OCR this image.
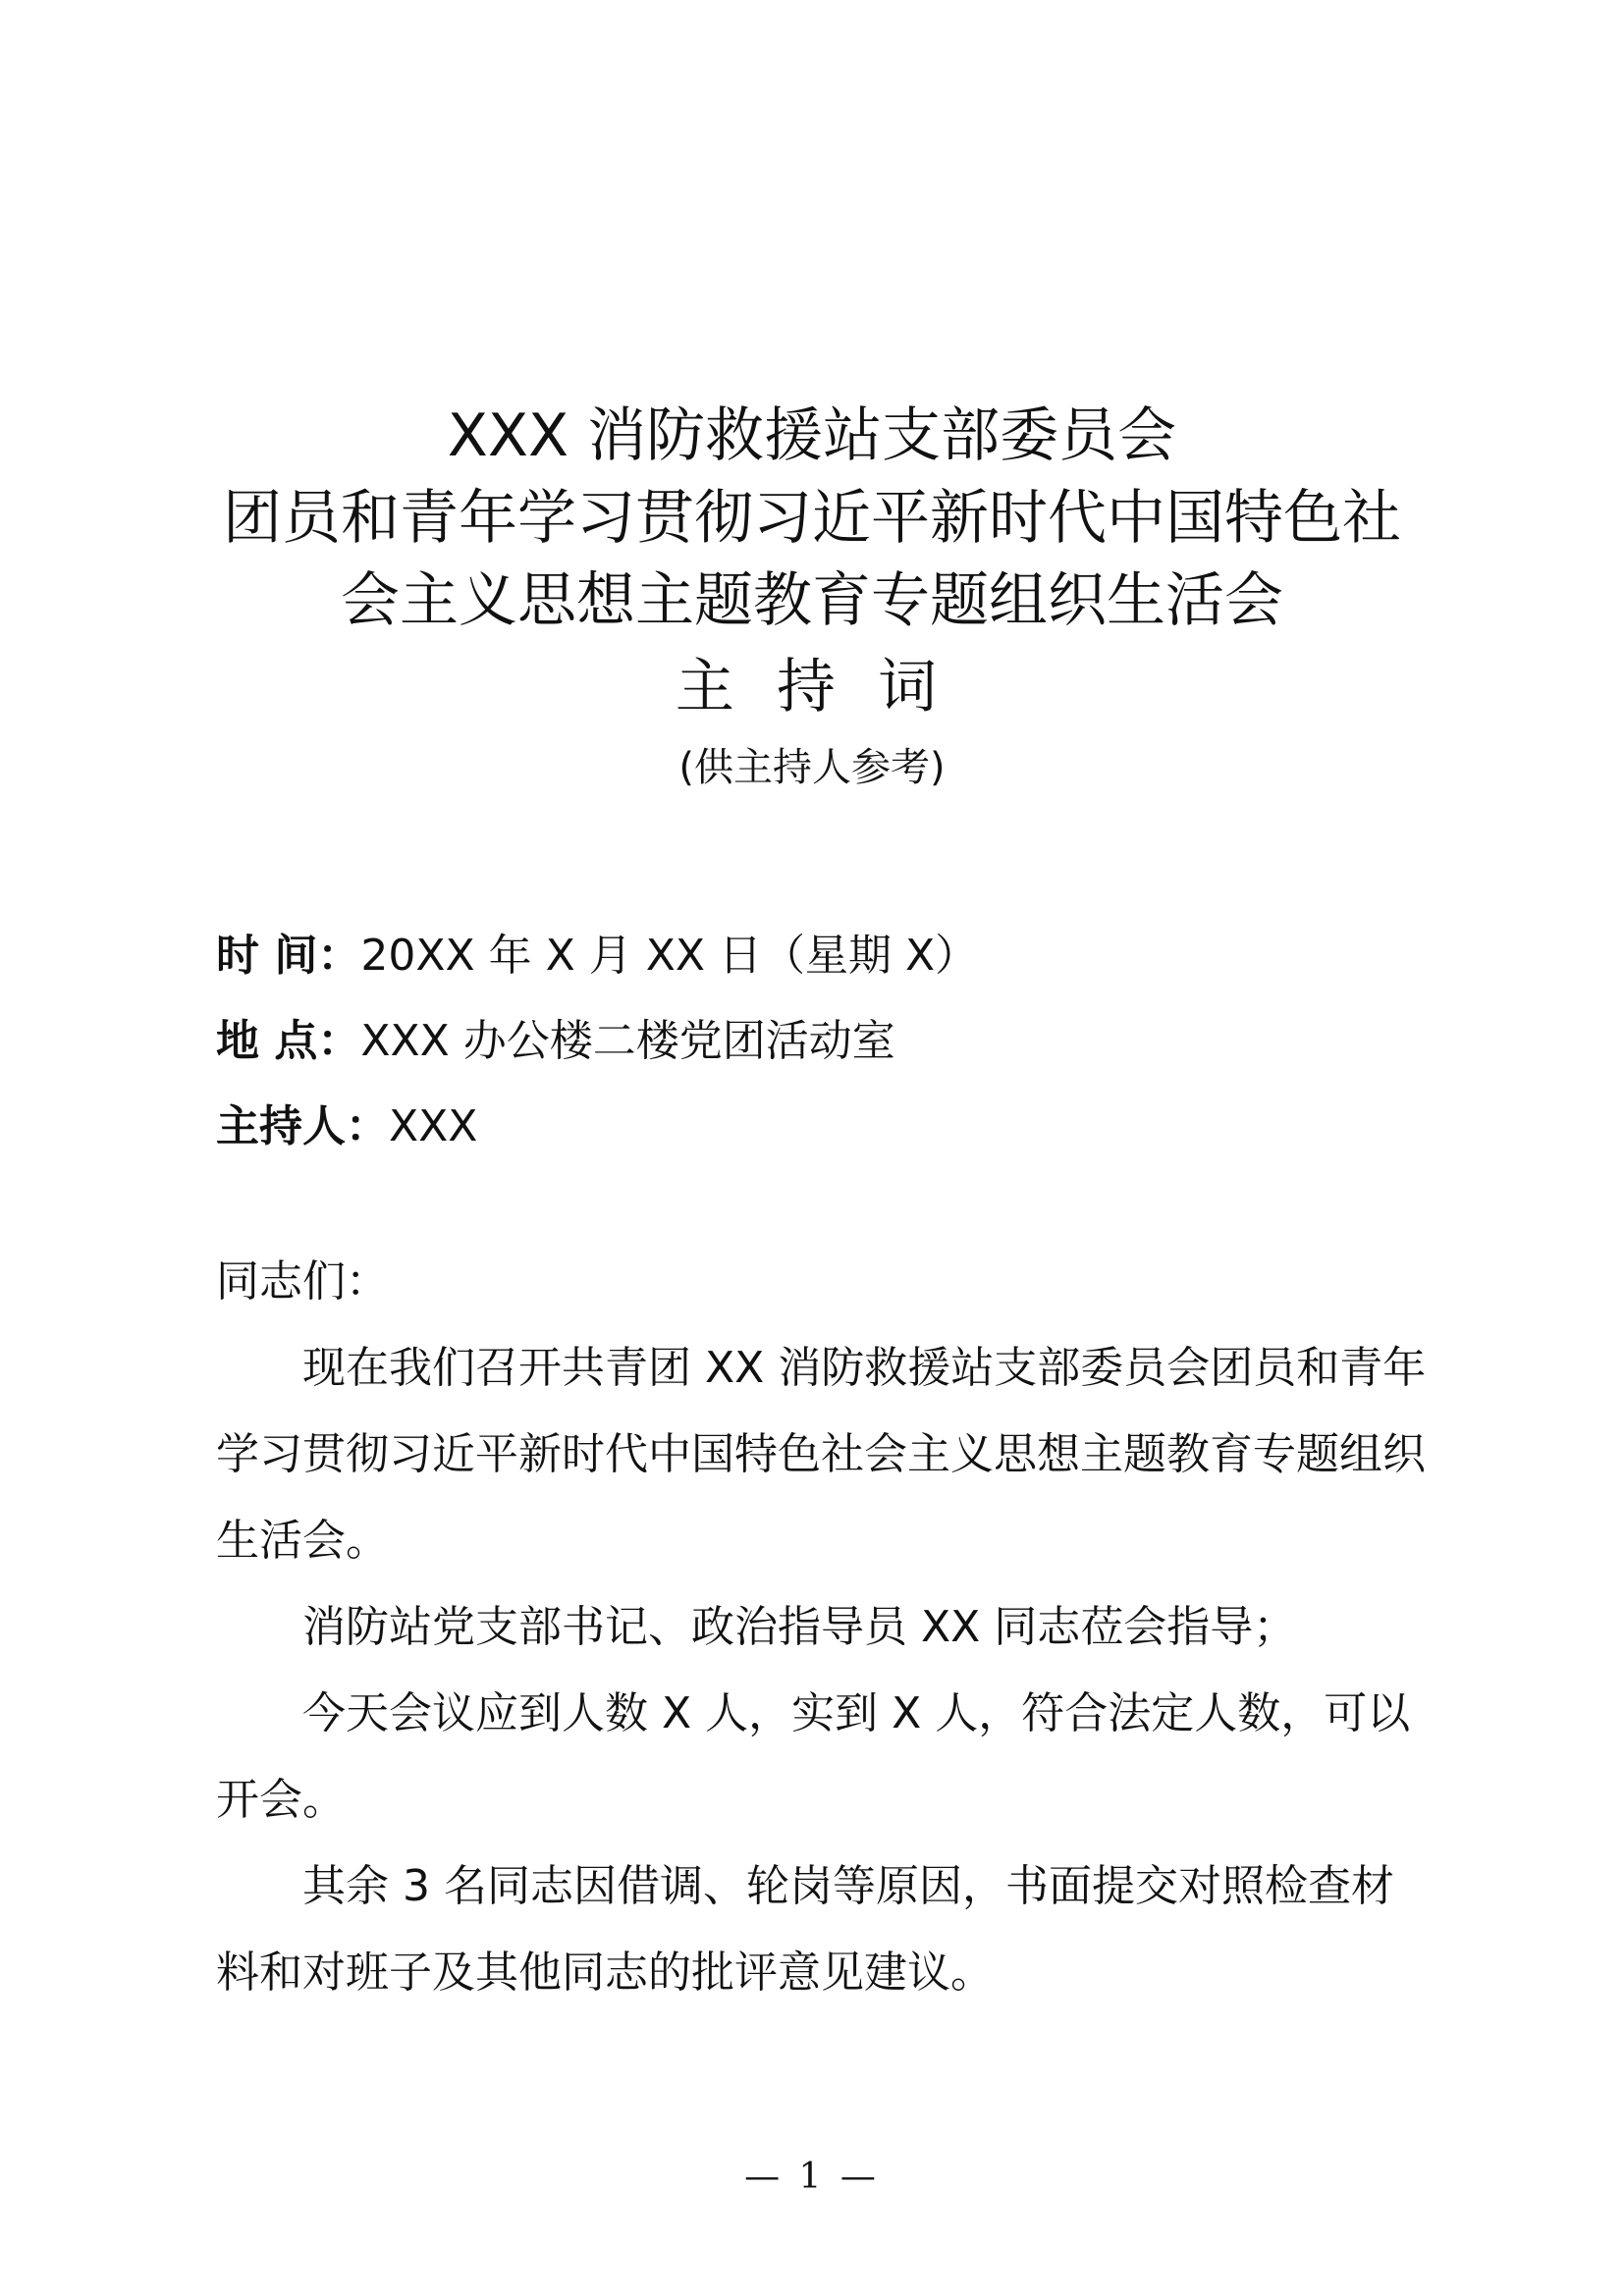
XXX 消防救援站支部委员会
团员和青年学习贯彻习近平新时代中国特色社
会主义思想主题教育专题组织生活会
主 持 词
(供主持人参考)
时 间：20XX 年 X 月 XX 日（星期 X）
地 点：XXX 办公楼二楼党团活动室
主持人：XXX

同志们：

现在我们召开共青团 XX 消防救援站支部委员会团员和青年学习贯彻习近平新时代中国特色社会主义思想主题教育专题组织生活会。

消防站党支部书记、政治指导员 XX 同志莅会指导；

今天会议应到人数 X 人，实到 X 人，符合法定人数，可以开会。

其余 3 名同志因借调、轮岗等原因，书面提交对照检查材料和对班子及其他同志的批评意见建议。

— 1 —
